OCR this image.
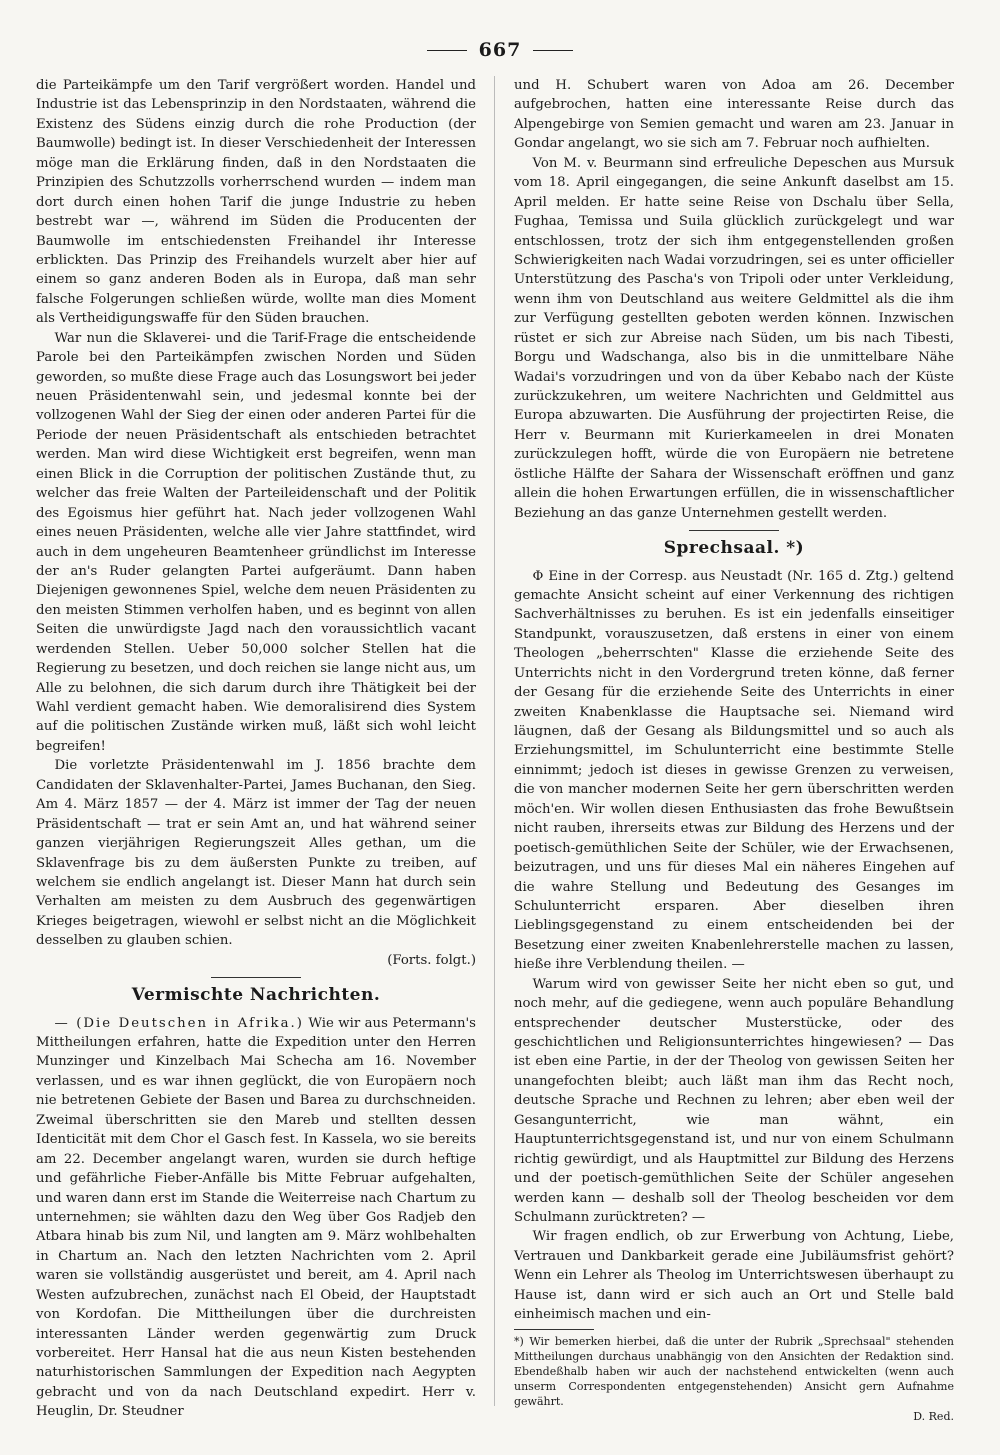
667

die Parteikämpfe um den Tarif vergrößert worden. Handel und Industrie ist das Lebensprinzip in den Nordstaaten, während die Existenz des Südens einzig durch die rohe Production (der Baumwolle) bedingt ist. In dieser Verschiedenheit der Interessen möge man die Erklärung finden, daß in den Nordstaaten die Prinzipien des Schutzzolls vorherrschend wurden — indem man dort durch einen hohen Tarif die junge Industrie zu heben bestrebt war —, während im Süden die Producenten der Baumwolle im entschiedensten Freihandel ihr Interesse erblickten. Das Prinzip des Freihandels wurzelt aber hier auf einem so ganz anderen Boden als in Europa, daß man sehr falsche Folgerungen schließen würde, wollte man dies Moment als Vertheidigungswaffe für den Süden brauchen.

War nun die Sklaverei- und die Tarif-Frage die entscheidende Parole bei den Parteikämpfen zwischen Norden und Süden geworden, so mußte diese Frage auch das Losungswort bei jeder neuen Präsidentenwahl sein, und jedesmal konnte bei der vollzogenen Wahl der Sieg der einen oder anderen Partei für die Periode der neuen Präsidentschaft als entschieden betrachtet werden. Man wird diese Wichtigkeit erst begreifen, wenn man einen Blick in die Corruption der politischen Zustände thut, zu welcher das freie Walten der Parteileidenschaft und der Politik des Egoismus hier geführt hat. Nach jeder vollzogenen Wahl eines neuen Präsidenten, welche alle vier Jahre stattfindet, wird auch in dem ungeheuren Beamtenheer gründlichst im Interesse der an's Ruder gelangten Partei aufgeräumt. Dann haben Diejenigen gewonnenes Spiel, welche dem neuen Präsidenten zu den meisten Stimmen verholfen haben, und es beginnt von allen Seiten die unwürdigste Jagd nach den voraussichtlich vacant werdenden Stellen. Ueber 50,000 solcher Stellen hat die Regierung zu besetzen, und doch reichen sie lange nicht aus, um Alle zu belohnen, die sich darum durch ihre Thätigkeit bei der Wahl verdient gemacht haben. Wie demoralisirend dies System auf die politischen Zustände wirken muß, läßt sich wohl leicht begreifen!

Die vorletzte Präsidentenwahl im J. 1856 brachte dem Candidaten der Sklavenhalter-Partei, James Buchanan, den Sieg. Am 4. März 1857 — der 4. März ist immer der Tag der neuen Präsidentschaft — trat er sein Amt an, und hat während seiner ganzen vierjährigen Regierungszeit Alles gethan, um die Sklavenfrage bis zu dem äußersten Punkte zu treiben, auf welchem sie endlich angelangt ist. Dieser Mann hat durch sein Verhalten am meisten zu dem Ausbruch des gegenwärtigen Krieges beigetragen, wiewohl er selbst nicht an die Möglichkeit desselben zu glauben schien.

(Forts. folgt.)

Vermischte Nachrichten.

— (Die Deutschen in Afrika.) Wie wir aus Petermann's Mittheilungen erfahren, hatte die Expedition unter den Herren Munzinger und Kinzelbach Mai Schecha am 16. November verlassen, und es war ihnen geglückt, die von Europäern noch nie betretenen Gebiete der Basen und Barea zu durchschneiden. Zweimal überschritten sie den Mareb und stellten dessen Identicität mit dem Chor el Gasch fest. In Kassela, wo sie bereits am 22. December angelangt waren, wurden sie durch heftige und gefährliche Fieber-Anfälle bis Mitte Februar aufgehalten, und waren dann erst im Stande die Weiterreise nach Chartum zu unternehmen; sie wählten dazu den Weg über Gos Radjeb den Atbara hinab bis zum Nil, und langten am 9. März wohlbehalten in Chartum an. Nach den letzten Nachrichten vom 2. April waren sie vollständig ausgerüstet und bereit, am 4. April nach Westen aufzubrechen, zunächst nach El Obeid, der Hauptstadt von Kordofan. Die Mittheilungen über die durchreisten interessanten Länder werden gegenwärtig zum Druck vorbereitet. Herr Hansal hat die aus neun Kisten bestehenden naturhistorischen Sammlungen der Expedition nach Aegypten gebracht und von da nach Deutschland expedirt. Herr v. Heuglin, Dr. Steudner

und H. Schubert waren von Adoa am 26. December aufgebrochen, hatten eine interessante Reise durch das Alpengebirge von Semien gemacht und waren am 23. Januar in Gondar angelangt, wo sie sich am 7. Februar noch aufhielten.

Von M. v. Beurmann sind erfreuliche Depeschen aus Mursuk vom 18. April eingegangen, die seine Ankunft daselbst am 15. April melden. Er hatte seine Reise von Dschalu über Sella, Fughaa, Temissa und Suila glücklich zurückgelegt und war entschlossen, trotz der sich ihm entgegenstellenden großen Schwierigkeiten nach Wadai vorzudringen, sei es unter officieller Unterstützung des Pascha's von Tripoli oder unter Verkleidung, wenn ihm von Deutschland aus weitere Geldmittel als die ihm zur Verfügung gestellten geboten werden können. Inzwischen rüstet er sich zur Abreise nach Süden, um bis nach Tibesti, Borgu und Wadschanga, also bis in die unmittelbare Nähe Wadai's vorzudringen und von da über Kebabo nach der Küste zurückzukehren, um weitere Nachrichten und Geldmittel aus Europa abzuwarten. Die Ausführung der projectirten Reise, die Herr v. Beurmann mit Kurierkameelen in drei Monaten zurückzulegen hofft, würde die von Europäern nie betretene östliche Hälfte der Sahara der Wissenschaft eröffnen und ganz allein die hohen Erwartungen erfüllen, die in wissenschaftlicher Beziehung an das ganze Unternehmen gestellt werden.

Sprechsaal. *)

Φ Eine in der Corresp. aus Neustadt (Nr. 165 d. Ztg.) geltend gemachte Ansicht scheint auf einer Verkennung des richtigen Sachverhältnisses zu beruhen. Es ist ein jedenfalls einseitiger Standpunkt, vorauszusetzen, daß erstens in einer von einem Theologen „beherrschten" Klasse die erziehende Seite des Unterrichts nicht in den Vordergrund treten könne, daß ferner der Gesang für die erziehende Seite des Unterrichts in einer zweiten Knabenklasse die Hauptsache sei. Niemand wird läugnen, daß der Gesang als Bildungsmittel und so auch als Erziehungsmittel, im Schulunterricht eine bestimmte Stelle einnimmt; jedoch ist dieses in gewisse Grenzen zu verweisen, die von mancher modernen Seite her gern überschritten werden möch'en. Wir wollen diesen Enthusiasten das frohe Bewußtsein nicht rauben, ihrerseits etwas zur Bildung des Herzens und der poetisch-gemüthlichen Seite der Schüler, wie der Erwachsenen, beizutragen, und uns für dieses Mal ein näheres Eingehen auf die wahre Stellung und Bedeutung des Gesanges im Schulunterricht ersparen. Aber dieselben ihren Lieblingsgegenstand zu einem entscheidenden bei der Besetzung einer zweiten Knabenlehrerstelle machen zu lassen, hieße ihre Verblendung theilen. —

Warum wird von gewisser Seite her nicht eben so gut, und noch mehr, auf die gediegene, wenn auch populäre Behandlung entsprechender deutscher Musterstücke, oder des geschichtlichen und Religionsunterrichtes hingewiesen? — Das ist eben eine Partie, in der der Theolog von gewissen Seiten her unangefochten bleibt; auch läßt man ihm das Recht noch, deutsche Sprache und Rechnen zu lehren; aber eben weil der Gesangunterricht, wie man wähnt, ein Hauptunterrichtsgegenstand ist, und nur von einem Schulmann richtig gewürdigt, und als Hauptmittel zur Bildung des Herzens und der poetisch-gemüthlichen Seite der Schüler angesehen werden kann — deshalb soll der Theolog bescheiden vor dem Schulmann zurücktreten? —

Wir fragen endlich, ob zur Erwerbung von Achtung, Liebe, Vertrauen und Dankbarkeit gerade eine Jubiläumsfrist gehört? Wenn ein Lehrer als Theolog im Unterrichtswesen überhaupt zu Hause ist, dann wird er sich auch an Ort und Stelle bald einheimisch machen und ein-

*) Wir bemerken hierbei, daß die unter der Rubrik „Sprechsaal" stehenden Mittheilungen durchaus unabhängig von den Ansichten der Redaktion sind. Ebendeßhalb haben wir auch der nachstehend entwickelten (wenn auch unserm Correspondenten entgegenstehenden) Ansicht gern Aufnahme gewährt.
D. Red.
